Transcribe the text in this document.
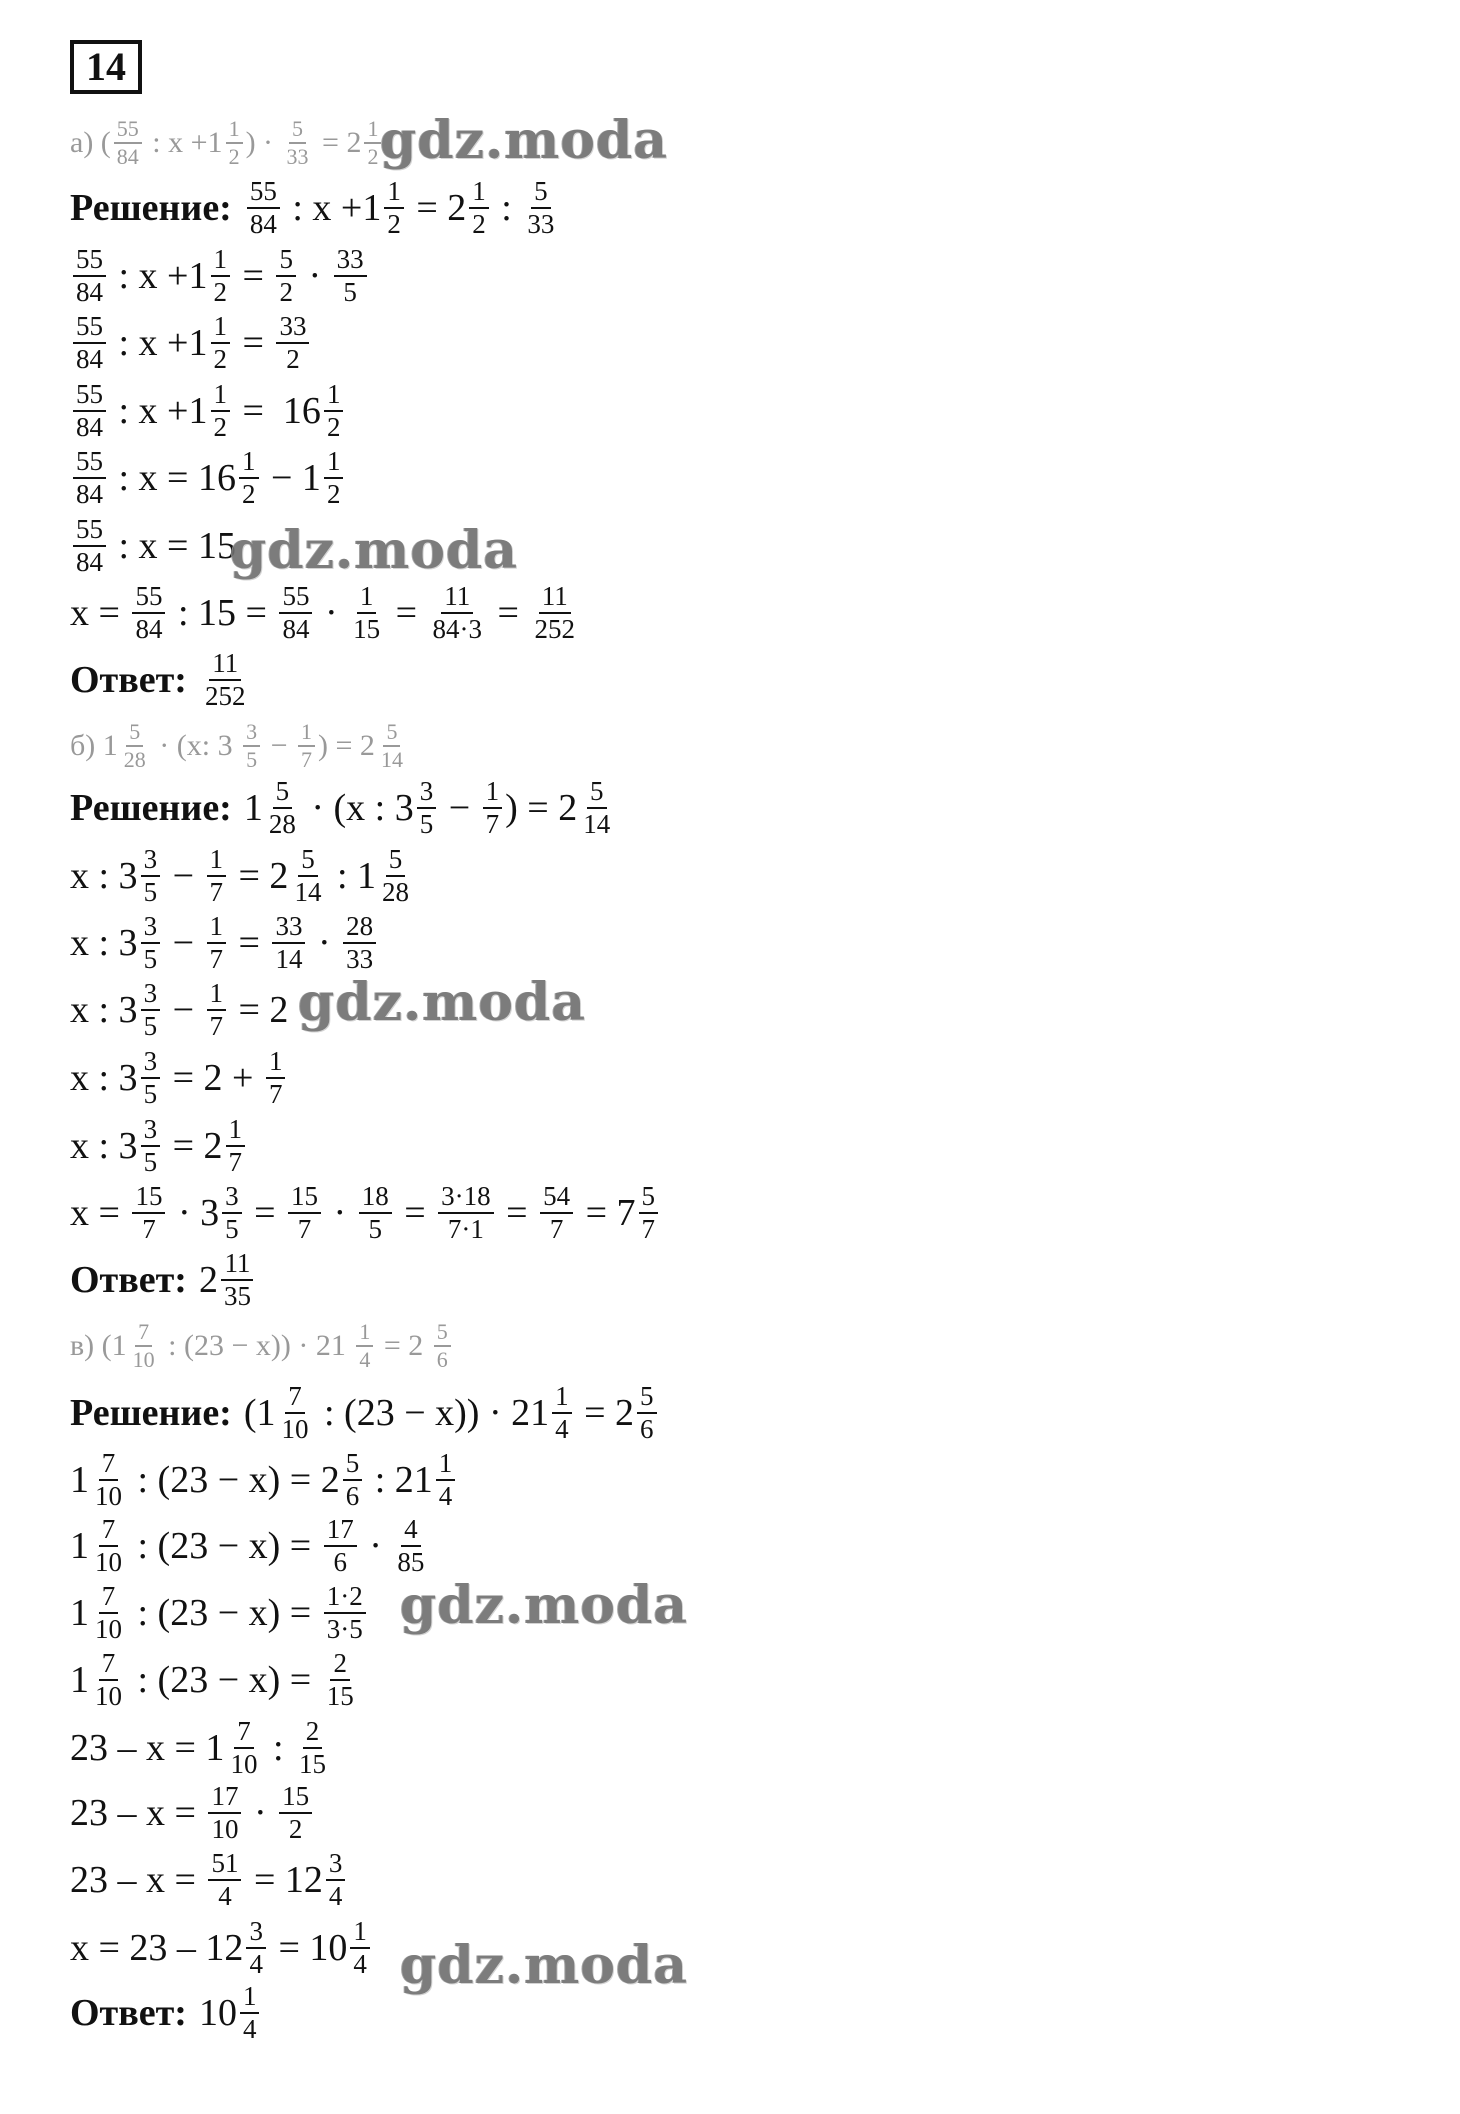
14
а) ( $\frac{55}{84}$ : $x +1 \frac{1}{2}$ ) · $\frac{5}{33} = 2 \frac{1}{2}$
Решение: $\frac{55}{84}$ : $x +1 \frac{1}{2} = 2 \frac{1}{2}$ : $\frac{5}{33}$
$\frac{55}{84}$ : $x +1 \frac{1}{2} = \frac{5}{2} \cdot \frac{33}{5}$
$\frac{55}{84}$ : $x +1 \frac{1}{2} = \frac{33}{2}$
$\frac{55}{84}$ : $x +1 \frac{1}{2} = 16 \frac{1}{2}$
$\frac{55}{84}$ : $x = 16 \frac{1}{2} - 1 \frac{1}{2}$
$\frac{55}{84}$ : x = 15
$x = \frac{55}{84}$ : $15 = \frac{55}{84} \cdot \frac{1}{15} = \frac{11}{84\cdot 3} = \frac{11}{252}$
Ответ: $\frac{11}{252}$
б) $1 \frac{5}{28} \cdot (x$: $3 \frac{3}{5} - \frac{1}{7}$ ) = $2 \frac{5}{14}$
Решение: $1 \frac{5}{28} \cdot (x$ : $3 \frac{3}{5} - \frac{1}{7}$ ) = $2 \frac{5}{14}$
x : $3 \frac{3}{5} - \frac{1}{7} = 2 \frac{5}{14}$ : $1 \frac{5}{28}$
x : $3 \frac{3}{5} - \frac{1}{7} = \frac{33}{14} \cdot \frac{28}{33}$
x : $3 \frac{3}{5} - \frac{1}{7} = 2$
x : $3 \frac{3}{5} = 2 + \frac{1}{7}$
x : $3 \frac{3}{5} = 2 \frac{1}{7}$
$x = \frac{15}{7} \cdot 3 \frac{3}{5} = \frac{15}{7} \cdot \frac{18}{5} = \frac{3\cdot 18}{7\cdot 1} = \frac{54}{7} = 7 \frac{5}{7}$
Ответ: $2 \frac{11}{35}$
в) ($1 \frac{7}{10}$ : $(23 - x)) \cdot 21 \frac{1}{4} = 2 \frac{5}{6}$
Решение: ($1 \frac{7}{10}$ : $(23 - x)) \cdot 21 \frac{1}{4} = 2 \frac{5}{6}$
$1 \frac{7}{10}$ : $(23 - x) = 2 \frac{5}{6}$ : $21 \frac{1}{4}$
$1 \frac{7}{10}$ : $(23 - x) = \frac{17}{6} \cdot \frac{4}{85}$
$1 \frac{7}{10}$ : $(23 - x) = \frac{1\cdot 2}{3\cdot 5}$
$1 \frac{7}{10}$ : $(23 - x) = \frac{2}{15}$
$23 - x = 1 \frac{7}{10}$ : $\frac{2}{15}$
$23 - x = \frac{17}{10} \cdot \frac{15}{2}$
$23 - x = \frac{51}{4} = 12 \frac{3}{4}$
$x = 23 - 12 \frac{3}{4} = 10 \frac{1}{4}$
Ответ: $10 \frac{1}{4}$
gdz.moda
gdz.moda
gdz.moda
gdz.moda
gdz.moda
